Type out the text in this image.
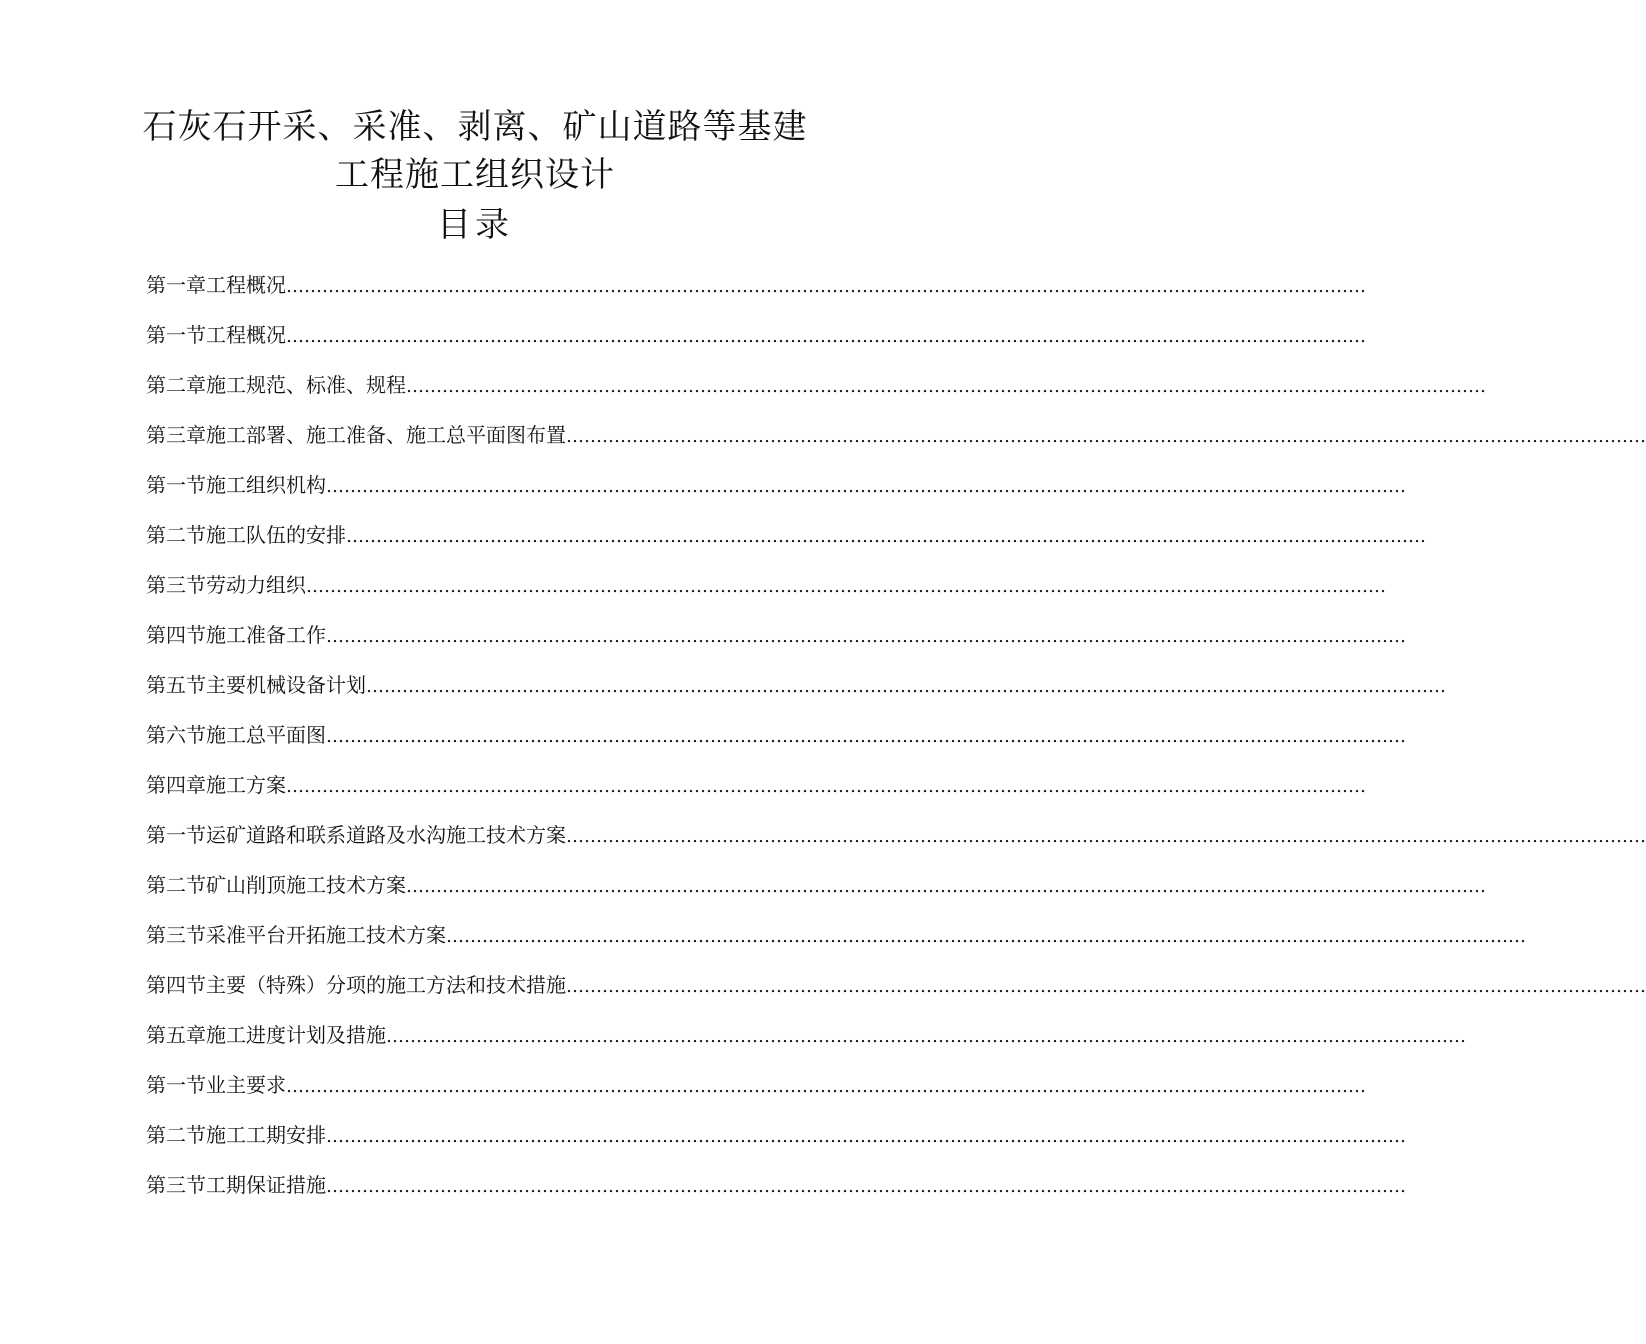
石灰石开采、采准、剥离、矿山道路等基建
工程施工组织设计
目录
第一章工程概况 ………………………………………………………………………………………………………………………………………………………………
第一节工程概况 ………………………………………………………………………………………………………………………………………………………………
第二章施工规范、标准、规程 ………………………………………………………………………………………………………………………………………………………………
第三章施工部署、施工准备、施工总平面图布置 ………………………………………………………………………………………………………………………………………………………………
第一节施工组织机构 ………………………………………………………………………………………………………………………………………………………………
第二节施工队伍的安排 ………………………………………………………………………………………………………………………………………………………………
第三节劳动力组织 ………………………………………………………………………………………………………………………………………………………………
第四节施工准备工作 ………………………………………………………………………………………………………………………………………………………………
第五节主要机械设备计划 ………………………………………………………………………………………………………………………………………………………………
第六节施工总平面图 ………………………………………………………………………………………………………………………………………………………………
第四章施工方案 ………………………………………………………………………………………………………………………………………………………………
第一节运矿道路和联系道路及水沟施工技术方案 ………………………………………………………………………………………………………………………………………………………………
第二节矿山削顶施工技术方案 ………………………………………………………………………………………………………………………………………………………………
第三节采准平台开拓施工技术方案 ………………………………………………………………………………………………………………………………………………………………
第四节主要（特殊）分项的施工方法和技术措施 ………………………………………………………………………………………………………………………………………………………………
第五章施工进度计划及措施 ………………………………………………………………………………………………………………………………………………………………
第一节业主要求 ………………………………………………………………………………………………………………………………………………………………
第二节施工工期安排 ………………………………………………………………………………………………………………………………………………………………
第三节工期保证措施 ………………………………………………………………………………………………………………………………………………………………
